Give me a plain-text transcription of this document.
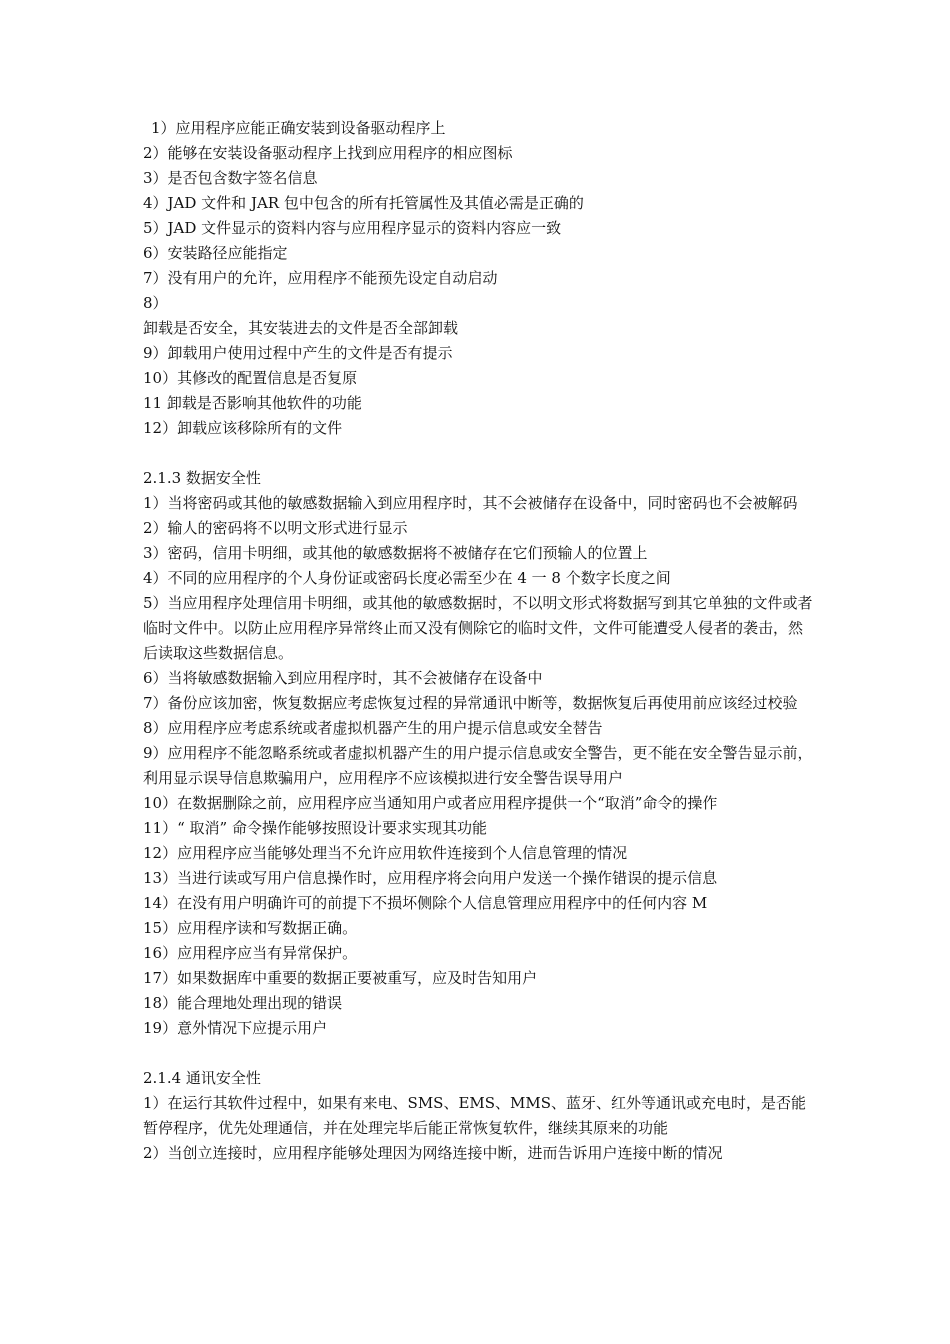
1）应用程序应能正确安装到设备驱动程序上
2）能够在安装设备驱动程序上找到应用程序的相应图标
3）是否包含数字签名信息
4）JAD 文件和 JAR 包中包含的所有托管属性及其值必需是正确的
5）JAD 文件显示的资料内容与应用程序显示的资料内容应一致
6）安装路径应能指定
7）没有用户的允许，应用程序不能预先设定自动启动
8）
卸载是否安全，其安装进去的文件是否全部卸载
9）卸载用户使用过程中产生的文件是否有提示
10）其修改的配置信息是否复原
11 卸载是否影响其他软件的功能
12）卸载应该移除所有的文件
2.1.3 数据安全性
1）当将密码或其他的敏感数据输入到应用程序时，其不会被储存在设备中，同时密码也不会被解码
2）输人的密码将不以明文形式进行显示
3）密码，信用卡明细，或其他的敏感数据将不被储存在它们预输人的位置上
4）不同的应用程序的个人身份证或密码长度必需至少在 4 一 8 个数字长度之间
5）当应用程序处理信用卡明细，或其他的敏感数据时，不以明文形式将数据写到其它单独的文件或者临时文件中。以防止应用程序异常终止而又没有侧除它的临时文件，文件可能遭受人侵者的袭击，然后读取这些数据信息。
6）当将敏感数据输入到应用程序时，其不会被储存在设备中
7）备份应该加密，恢复数据应考虑恢复过程的异常通讯中断等，数据恢复后再使用前应该经过校验
8）应用程序应考虑系统或者虚拟机器产生的用户提示信息或安全替告
9）应用程序不能忽略系统或者虚拟机器产生的用户提示信息或安全警告，更不能在安全警告显示前，利用显示误导信息欺骗用户，应用程序不应该模拟进行安全警告误导用户
10）在数据删除之前，应用程序应当通知用户或者应用程序提供一个“取消”命令的操作
11）“ 取消” 命令操作能够按照设计要求实现其功能
12）应用程序应当能够处理当不允许应用软件连接到个人信息管理的情况
13）当进行读或写用户信息操作时，应用程序将会向用户发送一个操作错误的提示信息
14）在没有用户明确许可的前提下不损坏侧除个人信息管理应用程序中的任何内容 M
15）应用程序读和写数据正确。
16）应用程序应当有异常保护。
17）如果数据库中重要的数据正要被重写，应及时告知用户
18）能合理地处理出现的错误
19）意外情况下应提示用户
2.1.4 通讯安全性
1）在运行其软件过程中，如果有来电、SMS、EMS、MMS、蓝牙、红外等通讯或充电时，是否能暂停程序，优先处理通信，并在处理完毕后能正常恢复软件，继续其原来的功能
2）当创立连接时，应用程序能够处理因为网络连接中断，进而告诉用户连接中断的情况
